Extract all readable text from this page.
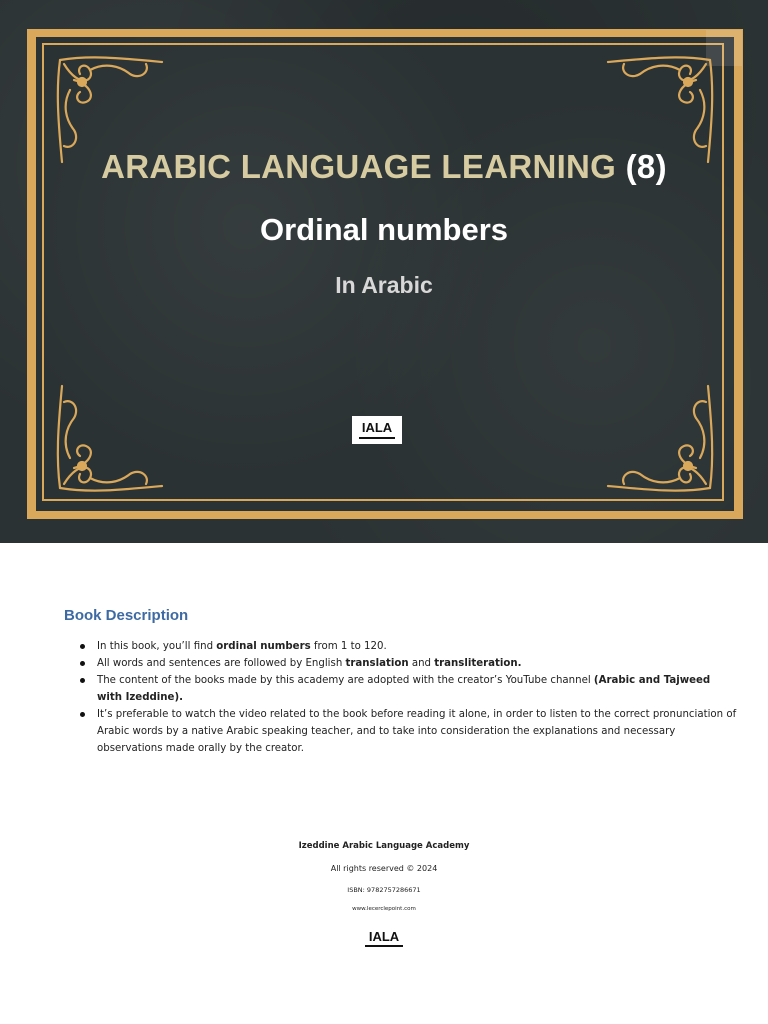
ARABIC LANGUAGE LEARNING (8)
Ordinal numbers
In Arabic
IALA
Book Description
In this book, you’ll find ordinal numbers from 1 to 120.
All words and sentences are followed by English translation and transliteration.
The content of the books made by this academy are adopted with the creator’s YouTube channel (Arabic and Tajweed with Izeddine).
It’s preferable to watch the video related to the book before reading it alone, in order to listen to the correct pronunciation of Arabic words by a native Arabic speaking teacher, and to take into consideration the explanations and necessary observations made orally by the creator.
Izeddine Arabic Language Academy
All rights reserved © 2024
ISBN: 9782757286671
www.lecerclepoint.com
IALA
